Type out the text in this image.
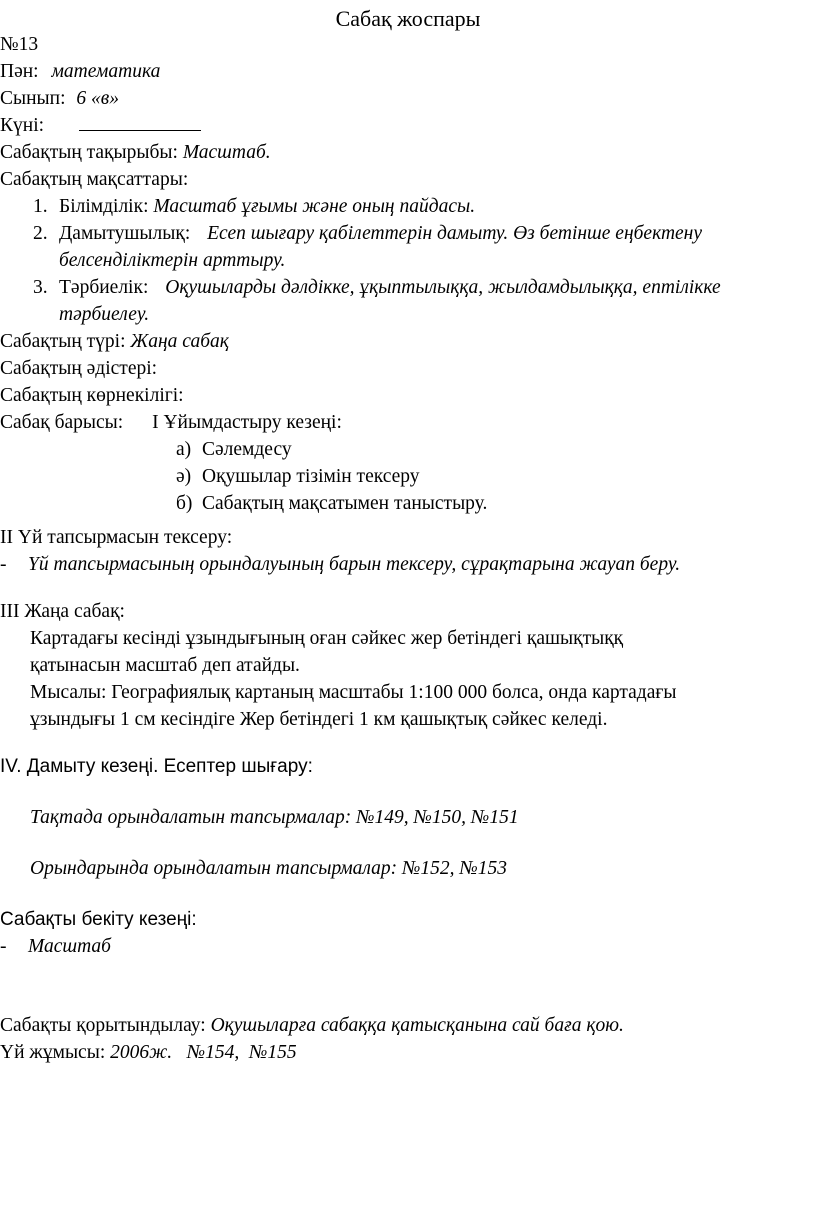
Сабақ жоспары
№13
Пән: математика
Сынып: 6 «в»
Күні:
Сабақтың тақырыбы: Масштаб.
Сабақтың мақсаттары:
1. Білімділік: Масштаб ұғымы және оның пайдасы.
2. Дамытушылық: Есеп шығару қабілеттерін дамыту. Өз бетінше еңбектену
белсенділіктерін арттыру.
3. Тәрбиелік: Оқушыларды дәлдікке, ұқыптылыққа, жылдамдылыққа, ептілікке
тәрбиелеу.
Сабақтың түрі: Жаңа сабақ
Сабақтың әдістері:
Сабақтың көрнекілігі:
Сабақ барысы: І Ұйымдастыру кезеңі:
а) Сәлемдесу
ә) Оқушылар тізімін тексеру
б) Сабақтың мақсатымен таныстыру.
ІІ Үй тапсырмасын тексеру:
- Үй тапсырмасының орындалуының барын тексеру, сұрақтарына жауап беру.
ІІІ Жаңа сабақ:
Картадағы кесінді ұзындығының оған сәйкес жер бетіндегі қашықтыққ
қатынасын масштаб деп атайды.
Мысалы: Географиялық картаның масштабы 1:100 000 болса, онда картадағы
ұзындығы 1 см кесіндіге Жер бетіндегі 1 км қашықтық сәйкес келеді.
ІV. Дамыту кезеңі. Есептер шығару:
Тақтада орындалатын тапсырмалар: №149, №150, №151
Орындарында орындалатын тапсырмалар: №152, №153
Сабақты бекіту кезеңі:
- Масштаб
Сабақты қорытындылау: Оқушыларға сабаққа қатысқанына сай баға қою.
Үй жұмысы: 2006ж.   №154,  №155
